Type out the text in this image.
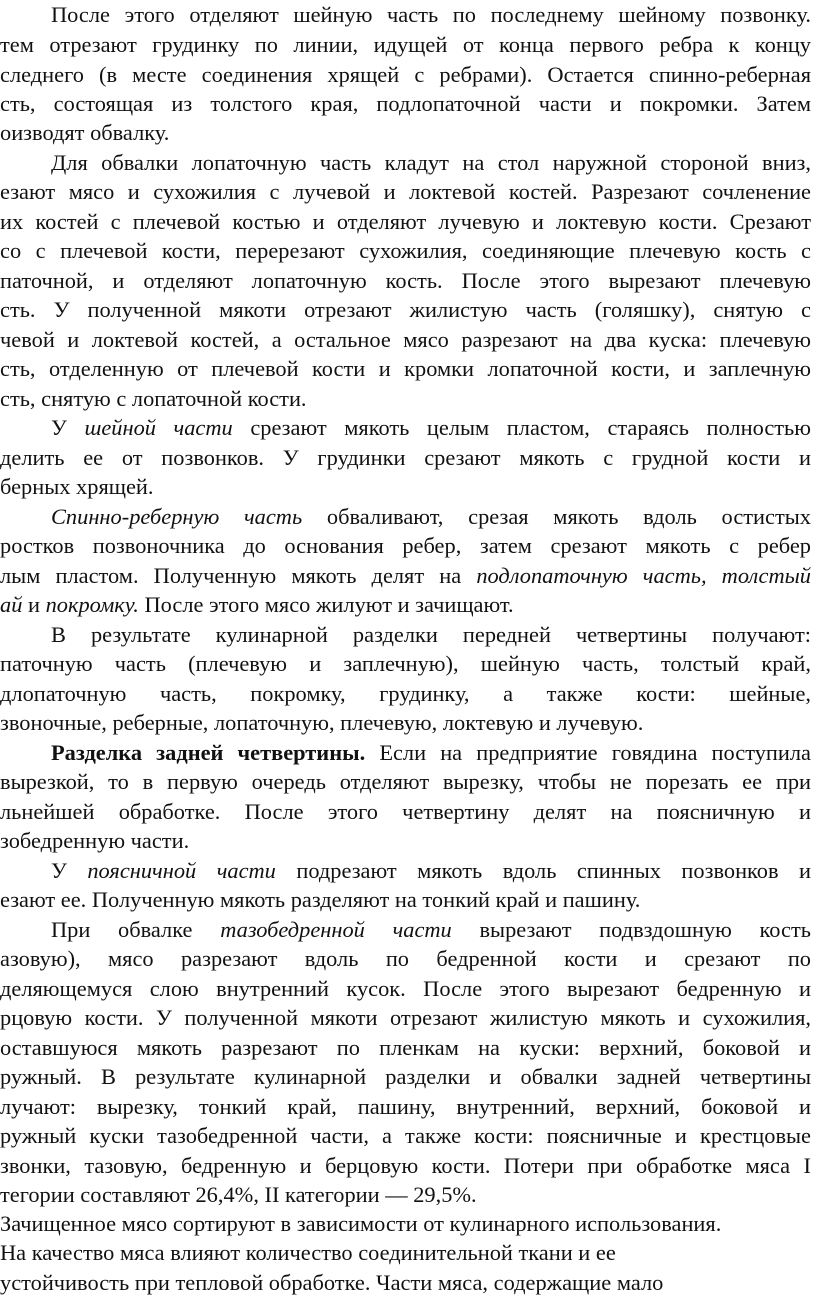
После этого отделяют шейную часть по последнему шейному позвонку.
тем отрезают грудинку по линии, идущей от конца первого ребра к концу
следнего (в месте соединения хрящей с ребрами). Остается спинно-реберная
сть, состоящая из толстого края, подлопаточной части и покромки. Затем
оизводят обвалку.
Для обвалки лопаточную часть кладут на стол наружной стороной вниз,
езают мясо и сухожилия с лучевой и локтевой костей. Разрезают сочленение
их костей с плечевой костью и отделяют лучевую и локтевую кости. Срезают
со с плечевой кости, перерезают сухожилия, соединяющие плечевую кость с
паточной, и отделяют лопаточную кость. После этого вырезают плечевую
сть. У полученной мякоти отрезают жилистую часть (голяшку), снятую с
чевой и локтевой костей, а остальное мясо разрезают на два куска: плечевую
сть, отделенную от плечевой кости и кромки лопаточной кости, и заплечную
сть, снятую с лопаточной кости.
У шейной части срезают мякоть целым пластом, стараясь полностью
делить ее от позвонков. У грудинки срезают мякоть с грудной кости и
берных хрящей.
Спинно-реберную часть обваливают, срезая мякоть вдоль остистых
ростков позвоночника до основания ребер, затем срезают мякоть с ребер
лым пластом. Полученную мякоть делят на подлопаточную часть, толстый
ай и покромку. После этого мясо жилуют и зачищают.
В результате кулинарной разделки передней четвертины получают:
паточную часть (плечевую и заплечную), шейную часть, толстый край,
длопаточную часть, покромку, грудинку, а также кости: шейные,
звоночные, реберные, лопаточную, плечевую, локтевую и лучевую.
Разделка задней четвертины. Если на предприятие говядина поступила
вырезкой, то в первую очередь отделяют вырезку, чтобы не порезать ее при
льнейшей обработке. После этого четвертину делят на поясничную и
зобедренную части.
У поясничной части подрезают мякоть вдоль спинных позвонков и
езают ее. Полученную мякоть разделяют на тонкий край и пашину.
При обвалке тазобедренной части вырезают подвздошную кость
азовую), мясо разрезают вдоль по бедренной кости и срезают по
деляющемуся слою внутренний кусок. После этого вырезают бедренную и
рцовую кости. У полученной мякоти отрезают жилистую мякоть и сухожилия,
оставшуюся мякоть разрезают по пленкам на куски: верхний, боковой и
ружный. В результате кулинарной разделки и обвалки задней четвертины
лучают: вырезку, тонкий край, пашину, внутренний, верхний, боковой и
ружный куски тазобедренной части, а также кости: поясничные и крестцовые
звонки, тазовую, бедренную и берцовую кости. Потери при обработке мяса I
тегории составляют 26,4%, II категории — 29,5%.
Зачищенное мясо сортируют в зависимости от кулинарного использования.
На качество мяса влияют количество соединительной ткани и ее
устойчивость при тепловой обработке. Части мяса, содержащие мало
